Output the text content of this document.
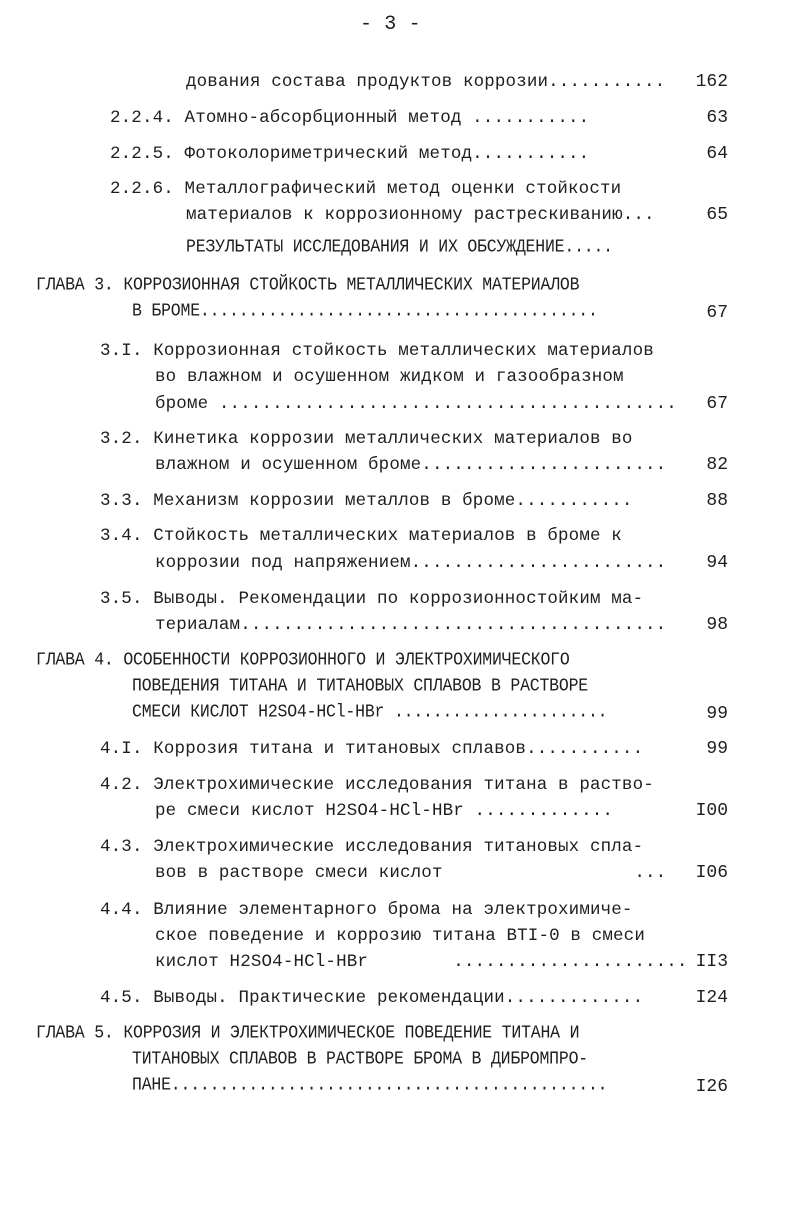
- 3 -
дования состава продуктов коррозии...........	162
2.2.4. Атомно-абсорбционный метод ...........	63
2.2.5. Фотоколориметрический метод...........	64
2.2.6. Металлографический метод оценки стойкости
материалов к коррозионному растрескиванию...	65
РЕЗУЛЬТАТЫ ИССЛЕДОВАНИЯ И ИХ ОБСУЖДЕНИЕ.....
ГЛАВА 3. КОРРОЗИОННАЯ СТОЙКОСТЬ МЕТАЛЛИЧЕСКИХ МАТЕРИАЛОВ
В БРОМЕ.........................................	67
3.I. Коррозионная стойкость металлических материалов
во влажном и осушенном жидком и газообразном
броме ...........................................	67
3.2. Кинетика коррозии металлических материалов во
влажном и осушенном броме.......................	82
3.3. Механизм коррозии металлов в броме...........	88
3.4. Стойкость металлических материалов в броме к
коррозии под напряжением........................	94
3.5. Выводы. Рекомендации по коррозионностойким ма-
териалам........................................	98
ГЛАВА 4. ОСОБЕННОСТИ КОРРОЗИОННОГО И ЭЛЕКТРОХИМИЧЕСКОГО
ПОВЕДЕНИЯ ТИТАНА И ТИТАНОВЫХ СПЛАВОВ В РАСТВОРЕ
СМЕСИ КИСЛОТ H2SO4-HCl-HBr ......................	99
4.I. Коррозия титана и титановых сплавов...........	99
4.2. Электрохимические исследования титана в раство-
ре смеси кислот H2SO4-HCl-HBr .............	I00
4.3. Электрохимические исследования титановых спла-
вов в растворе смеси кислот                  ...	I06
4.4. Влияние элементарного брома на электрохимиче-
ское поведение и коррозию титана ВТI-0 в смеси
кислот H2SO4-HCl-HBr        ...................... II3
4.5. Выводы. Практические рекомендации.............	I24
ГЛАВА 5. КОРРОЗИЯ И ЭЛЕКТРОХИМИЧЕСКОЕ ПОВЕДЕНИЕ ТИТАНА И
ТИТАНОВЫХ СПЛАВОВ В РАСТВОРЕ БРОМА В ДИБРОМПРО-
ПАНЕ.............................................	I26
